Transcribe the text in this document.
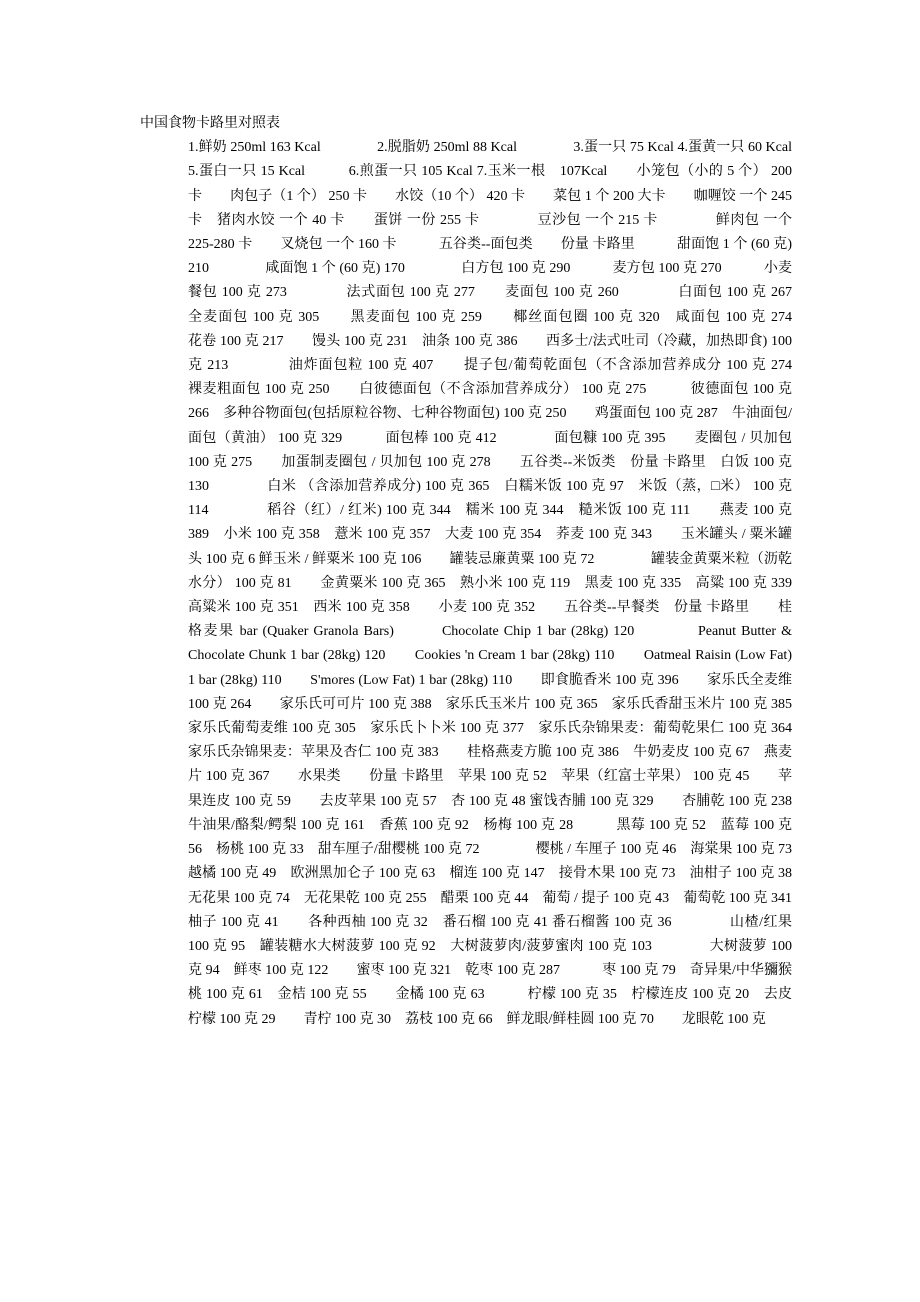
中国食物卡路里对照表
1.鲜奶 250ml 163 Kcal　　　　2.脱脂奶 250ml 88 Kcal　　　　3.蛋一只 75 Kcal 4.蛋黄一只 60 Kcal　　　　　　　5.蛋白一只 15 Kcal　　　6.煎蛋一只 105 Kcal 7.玉米一根　107Kcal　　小笼包（小的 5 个） 200 卡　　肉包子（1 个） 250 卡　　水饺（10 个） 420 卡　　菜包 1 个 200 大卡　　咖喱饺 一个 245 卡　猪肉水饺 一个 40 卡　　蛋饼 一份 255 卡　　　　豆沙包 一个 215 卡　　　　鲜肉包 一个 225-280 卡　　叉烧包 一个 160 卡　　　五谷类--面包类　　份量 卡路里　　　甜面饱 1 个 (60 克) 210　　　　咸面饱 1 个 (60 克) 170　　　　白方包 100 克 290　　　麦方包 100 克 270　　　小麦餐包 100 克 273　　　　法式面包 100 克 277　　麦面包 100 克 260　　　　白面包 100 克 267　　全麦面包 100 克 305　　黑麦面包 100 克 259　　椰丝面包圈 100 克 320　咸面包 100 克 274　　　　花卷 100 克 217　　馒头 100 克 231　油条 100 克 386　　西多士/法式吐司（冷藏，加热即食) 100 克 213　　　　油炸面包粒 100 克 407　　提子包/葡萄乾面包（不含添加营养成分 100 克 274　　　　裸麦粗面包 100 克 250　　白彼德面包（不含添加营养成分） 100 克 275　　　彼德面包 100 克 266　多种谷物面包(包括原粒谷物、七种谷物面包) 100 克 250　　鸡蛋面包 100 克 287　牛油面包/面包（黄油） 100 克 329　　　面包棒 100 克 412　　　　面包糠 100 克 395　　麦圈包 / 贝加包 100 克 275　　加蛋制麦圈包 / 贝加包 100 克 278　　五谷类--米饭类　份量 卡路里　白饭 100 克 130　　　　白米 （含添加营养成分) 100 克 365　白糯米饭 100 克 97　米饭（蒸，□米） 100 克 114　　　　稻谷（红）/ 红米) 100 克 344　糯米 100 克 344　糙米饭 100 克 111　　燕麦 100 克 389　小米 100 克 358　薏米 100 克 357　大麦 100 克 354　荞麦 100 克 343　　玉米罐头 / 粟米罐头 100 克 6 鲜玉米 / 鲜粟米 100 克 106　　罐装忌廉黄粟 100 克 72　　　　罐装金黄粟米粒（沥乾水分） 100 克 81　　金黄粟米 100 克 365　熟小米 100 克 119　黑麦 100 克 335　高粱 100 克 339　　　　高粱米 100 克 351　西米 100 克 358　　小麦 100 克 352　　五谷类--早餐类　份量 卡路里　　桂格麦果 bar (Quaker Granola Bars)　　　Chocolate Chip 1 bar (28kg) 120　　　　Peanut Butter & Chocolate Chunk 1 bar (28kg) 120　　Cookies 'n Cream 1 bar (28kg) 110　　Oatmeal Raisin (Low Fat) 1 bar (28kg) 110　　S'mores (Low Fat) 1 bar (28kg) 110　　即食脆香米 100 克 396　　家乐氏全麦维 100 克 264　　家乐氏可可片 100 克 388　家乐氏玉米片 100 克 365　家乐氏香甜玉米片 100 克 385　　家乐氏葡萄麦维 100 克 305　家乐氏卜卜米 100 克 377　家乐氏杂锦果麦：葡萄乾果仁 100 克 364　家乐氏杂锦果麦：苹果及杏仁 100 克 383　　桂格燕麦方脆 100 克 386　牛奶麦皮 100 克 67　燕麦片 100 克 367　　水果类　　份量 卡路里　苹果 100 克 52　苹果（红富士苹果） 100 克 45　　苹果连皮 100 克 59　　去皮苹果 100 克 57　杏 100 克 48 蜜饯杏脯 100 克 329　　杏脯乾 100 克 238　牛油果/酪梨/鳄梨 100 克 161　香蕉 100 克 92　杨梅 100 克 28　　　黑莓 100 克 52　蓝莓 100 克 56　杨桃 100 克 33　甜车厘子/甜樱桃 100 克 72　　　　樱桃 / 车厘子 100 克 46　海棠果 100 克 73　越橘 100 克 49　欧洲黑加仑子 100 克 63　榴连 100 克 147　接骨木果 100 克 73　油柑子 100 克 38　无花果 100 克 74　无花果乾 100 克 255　醋栗 100 克 44　葡萄 / 提子 100 克 43　葡萄乾 100 克 341　柚子 100 克 41　　各种西柚 100 克 32　番石榴 100 克 41 番石榴酱 100 克 36　　　　山楂/红果 100 克 95　罐装糖水大树菠萝 100 克 92　大树菠萝肉/菠萝蜜肉 100 克 103　　　　大树菠萝 100 克 94　鲜枣 100 克 122　　蜜枣 100 克 321　乾枣 100 克 287　　　枣 100 克 79　奇异果/中华獼猴桃 100 克 61　金桔 100 克 55　　金橘 100 克 63　　　柠檬 100 克 35　柠檬连皮 100 克 20　去皮柠檬 100 克 29　　青柠 100 克 30　荔枝 100 克 66　鲜龙眼/鲜桂圆 100 克 70　　龙眼乾 100 克
